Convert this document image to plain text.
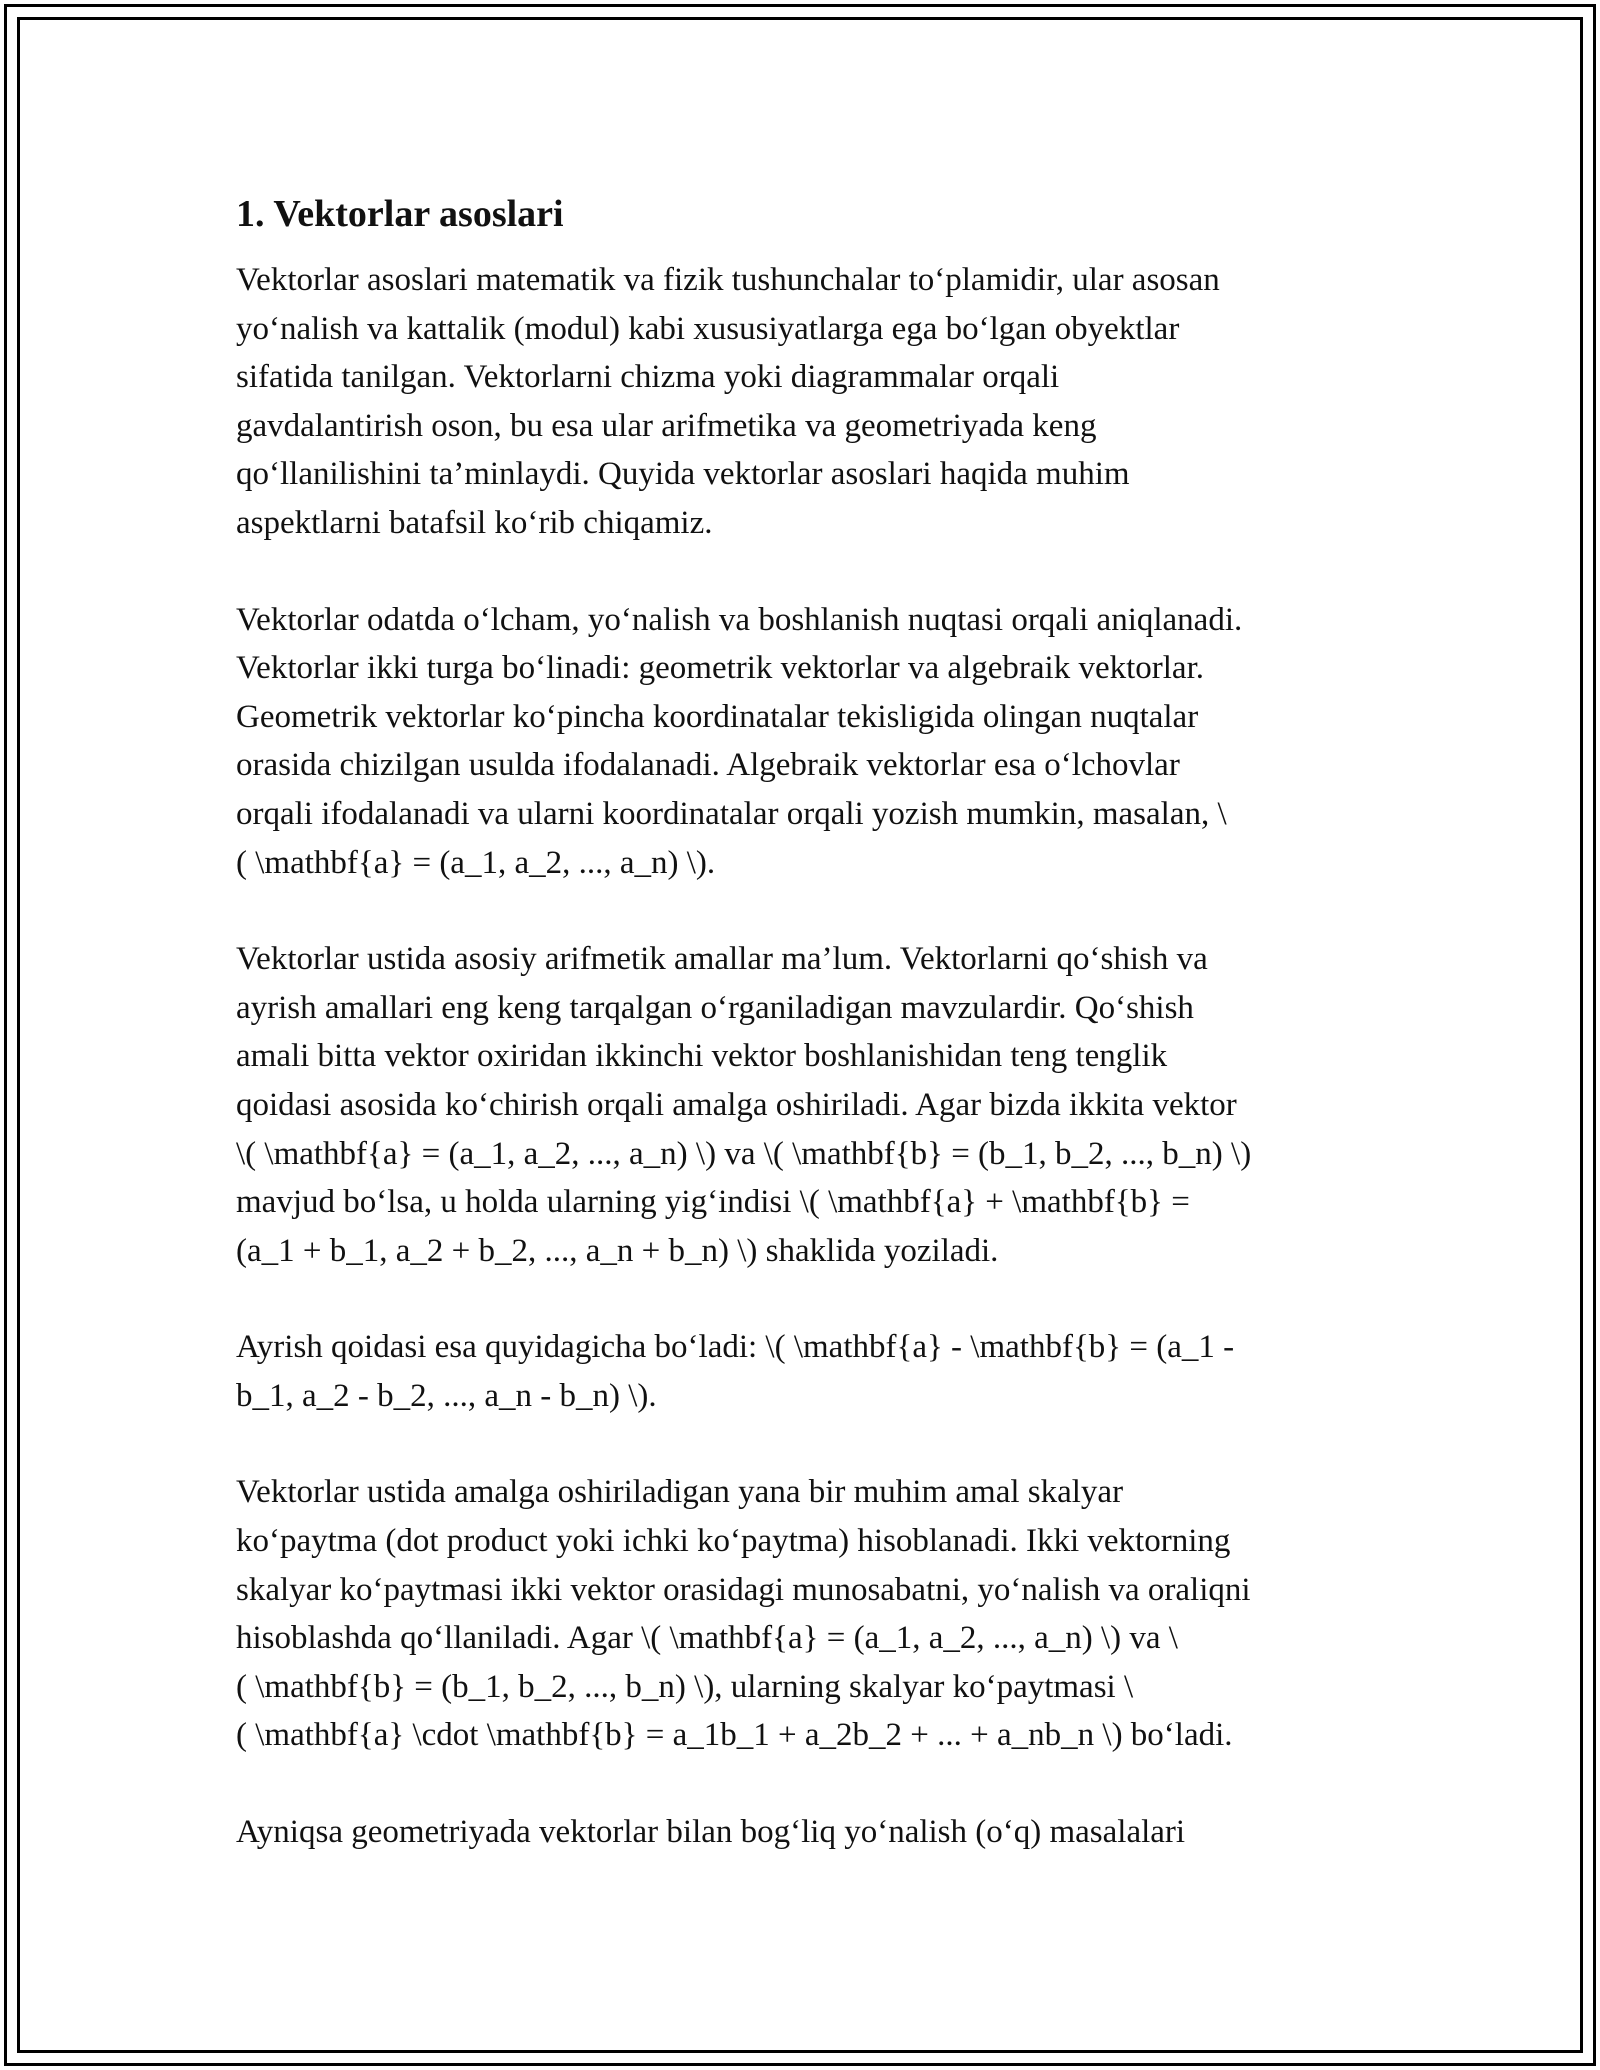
1. Vektorlar asoslari
Vektorlar asoslari matematik va fizik tushunchalar to‘plamidir, ular asosan
yo‘nalish va kattalik (modul) kabi xususiyatlarga ega bo‘lgan obyektlar
sifatida tanilgan. Vektorlarni chizma yoki diagrammalar orqali
gavdalantirish oson, bu esa ular arifmetika va geometriyada keng
qo‘llanilishini ta’minlaydi. Quyida vektorlar asoslari haqida muhim
aspektlarni batafsil ko‘rib chiqamiz.
Vektorlar odatda o‘lcham, yo‘nalish va boshlanish nuqtasi orqali aniqlanadi.
Vektorlar ikki turga bo‘linadi: geometrik vektorlar va algebraik vektorlar.
Geometrik vektorlar ko‘pincha koordinatalar tekisligida olingan nuqtalar
orasida chizilgan usulda ifodalanadi. Algebraik vektorlar esa o‘lchovlar
orqali ifodalanadi va ularni koordinatalar orqali yozish mumkin, masalan, \
( \mathbf{a} = (a_1, a_2, ..., a_n) \).
Vektorlar ustida asosiy arifmetik amallar ma’lum. Vektorlarni qo‘shish va
ayrish amallari eng keng tarqalgan o‘rganiladigan mavzulardir. Qo‘shish
amali bitta vektor oxiridan ikkinchi vektor boshlanishidan teng tenglik
qoidasi asosida ko‘chirish orqali amalga oshiriladi. Agar bizda ikkita vektor
\( \mathbf{a} = (a_1, a_2, ..., a_n) \) va \( \mathbf{b} = (b_1, b_2, ..., b_n) \)
mavjud bo‘lsa, u holda ularning yig‘indisi \( \mathbf{a} + \mathbf{b} =
(a_1 + b_1, a_2 + b_2, ..., a_n + b_n) \) shaklida yoziladi.
Ayrish qoidasi esa quyidagicha bo‘ladi: \( \mathbf{a} - \mathbf{b} = (a_1 -
b_1, a_2 - b_2, ..., a_n - b_n) \).
Vektorlar ustida amalga oshiriladigan yana bir muhim amal skalyar
ko‘paytma (dot product yoki ichki ko‘paytma) hisoblanadi. Ikki vektorning
skalyar ko‘paytmasi ikki vektor orasidagi munosabatni, yo‘nalish va oraliqni
hisoblashda qo‘llaniladi. Agar \( \mathbf{a} = (a_1, a_2, ..., a_n) \) va \
( \mathbf{b} = (b_1, b_2, ..., b_n) \), ularning skalyar ko‘paytmasi \
( \mathbf{a} \cdot \mathbf{b} = a_1b_1 + a_2b_2 + ... + a_nb_n \) bo‘ladi.
Ayniqsa geometriyada vektorlar bilan bog‘liq yo‘nalish (o‘q) masalalari
